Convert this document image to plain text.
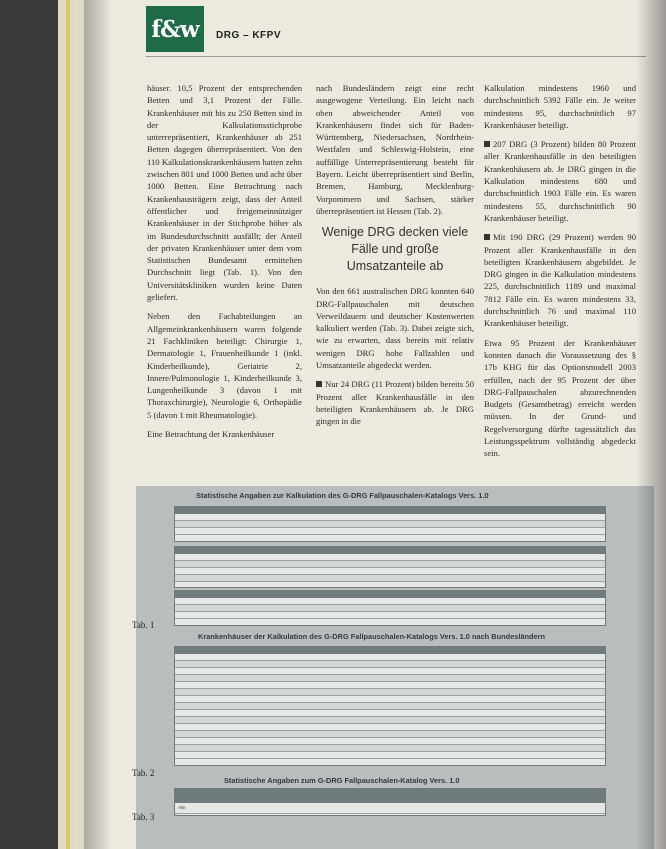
f&w	DRG – KFPV

häuser. 10,5 Prozent der entsprechenden Betten und 3,1 Prozent der Fälle. Krankenhäuser mit bis zu 250 Betten sind in der Kalkulationsstichprobe unterrepräsentiert, Krankenhäuser ab 251 Betten dagegen überrepräsentiert. Von den 110 Kalkulationskrankenhäusern hatten zehn zwischen 801 und 1000 Betten und acht über 1000 Betten. Eine Betrachtung nach Krankenhausträgern zeigt, dass der Anteil öffentlicher und freigemeinnütziger Krankenhäuser in der Stichprobe höher als im Bundesdurchschnitt ausfällt; der Anteil der privaten Krankenhäuser unter dem vom Statistischen Bundesamt ermittelten Durchschnitt liegt (Tab. 1). Von den Universitätskliniken wurden keine Daten geliefert.

Neben den Fachabteilungen an Allgemeinkrankenhäusern waren folgende 21 Fachkliniken beteiligt: Chirurgie 1, Dermatologie 1, Frauenheilkunde 1 (inkl. Kinderheilkunde), Geriatrie 2, Innere/Pulmonologie 1, Kinderheilkunde 3, Lungenheilkunde 3 (davon 1 mit Thoraxchirurgie), Neurologie 6, Orthopädie 5 (davon 1 mit Rheumatologie).

Eine Betrachtung der Krankenhäuser

nach Bundesländern zeigt eine recht ausgewogene Verteilung. Ein leicht nach oben abweichender Anteil von Krankenhäusern findet sich für Baden-Württemberg, Niedersachsen, Nordrhein-Westfalen und Schleswig-Holstein, eine auffällige Unterrepräsentierung besteht für Bayern. Leicht überrepräsentiert sind Berlin, Bremen, Hamburg, Mecklenburg-Vorpommern und Sachsen, stärker überrepräsentiert ist Hessen (Tab. 2).

Wenige DRG decken viele Fälle und große Umsatzanteile ab

Von den 661 australischen DRG konnten 640 DRG-Fallpauschalen mit deutschen Verweildauern und deutscher Kostenwerten kalkuliert werden (Tab. 3). Dabei zeigte sich, wie zu erwarten, dass bereits mit relativ wenigen DRG hohe Fallzahlen und Umsatzanteile abgedeckt werden.

Nur 24 DRG (11 Prozent) bilden bereits 50 Prozent aller Krankenhausfälle in den beteiligten Krankenhäusern ab. Je DRG gingen in die

Kalkulation mindestens 1960 und durchschnittlich 5392 Fälle ein. Je weiter mindestens 95, durchschnittlich 97 Krankenhäuser beteiligt.

207 DRG (3 Prozent) bilden 80 Prozent aller Krankenhausfälle in den beteiligten Krankenhäusern ab. Je DRG gingen in die Kalkulation mindestens 680 und durchschnittlich 1903 Fälle ein. Es waren mindestens 55, durchschnittlich 90 Krankenhäuser beteiligt.

Mit 190 DRG (29 Prozent) werden 90 Prozent aller Krankenhausfälle in den beteiligten Krankenhäusern abgebildet. Je DRG gingen in die Kalkulation mindestens 225, durchschnittlich 1189 und maximal 7812 Fälle ein. Es waren mindestens 33, durchschnittlich 76 und maximal 110 Krankenhäuser beteiligt.

Etwa 95 Prozent der Krankenhäuser konnten danach die Voraussetzung des § 17b KHG für das Optionsmodell 2003 erfüllen, nach der 95 Prozent der über DRG-Fallpauschalen abzurechnenden Budgets (Gesamtbetrag) erreicht werden müssen. In der Grund- und Regelversorgung dürfte tagessätzlich das Leistungsspektrum vollständig abgedeckt sein.

Statistische Angaben zur Kalkulation des G-DRG Fallpauschalen-Katalogs Vers. 1.0
Tab. 1
Krankenhäuser der Kalkulation des G-DRG Fallpauschalen-Katalogs Vers. 1.0 nach Bundesländern
Tab. 2
Statistische Angaben zum G-DRG Fallpauschalen-Katalog Vers. 1.0
Alle
Tab. 3
